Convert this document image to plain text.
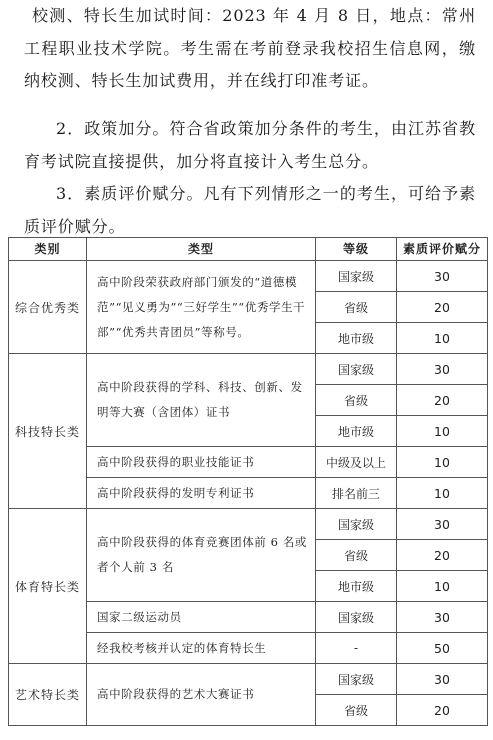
校测、特长生加试时间：2023 年 4 月 8 日，地点：常州工程职业技术学院。考生需在考前登录我校招生信息网，缴纳校测、特长生加试费用，并在线打印准考证。

2．政策加分。符合省政策加分条件的考生，由江苏省教育考试院直接提供，加分将直接计入考生总分。

3．素质评价赋分。凡有下列情形之一的考生，可给予素质评价赋分。

类别	类型	等级	素质评价赋分
综合优秀类	高中阶段荣获政府部门颁发的“道德模范”“见义勇为”“三好学生”“优秀学生干部”“优秀共青团员”等称号。	国家级	30
		省级	20
		地市级	10
科技特长类	高中阶段获得的学科、科技、创新、发明等大赛（含团体）证书	国家级	30
		省级	20
		地市级	10
	高中阶段获得的职业技能证书	中级及以上	10
	高中阶段获得的发明专利证书	排名前三	10
体育特长类	高中阶段获得的体育竞赛团体前 6 名或者个人前 3 名	国家级	30
		省级	20
		地市级	10
	国家二级运动员	国家级	30
	经我校考核并认定的体育特长生	-	50
艺术特长类	高中阶段获得的艺术大赛证书	国家级	30
		省级	20
